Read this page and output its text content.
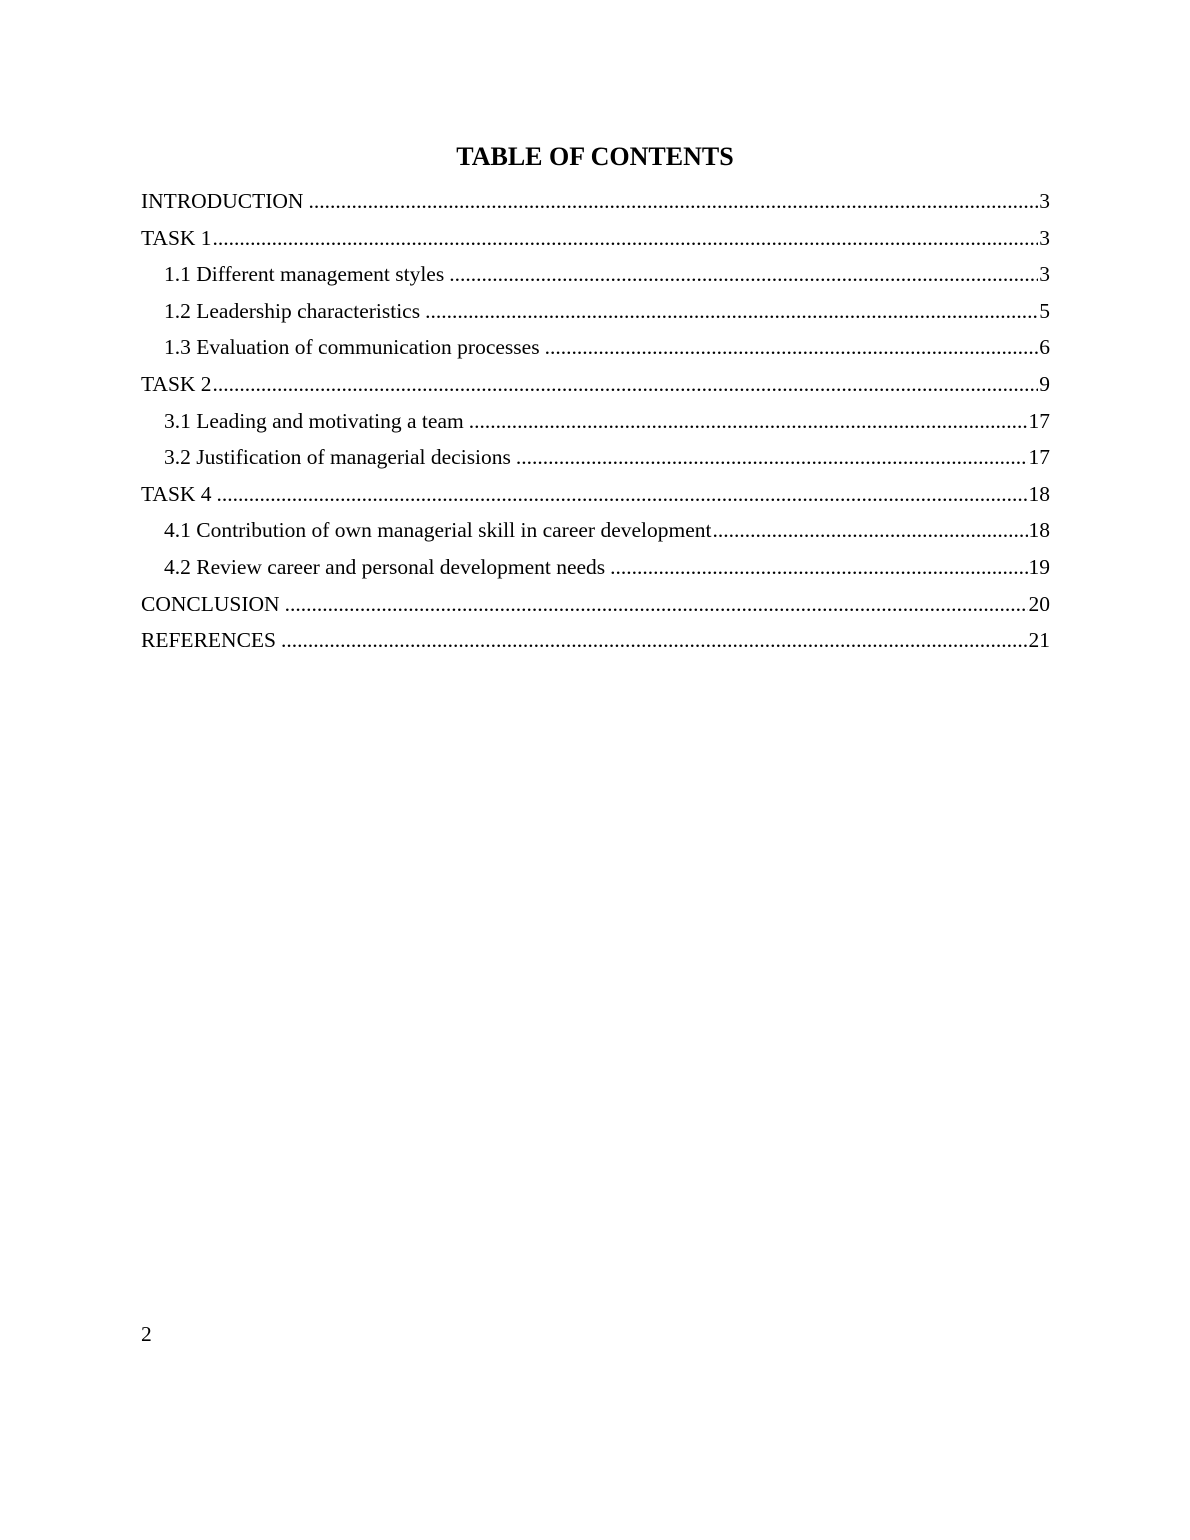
TABLE OF CONTENTS
INTRODUCTION .....	3
TASK 1 .....	3
1.1 Different management styles .....	3
1.2 Leadership characteristics .....	5
1.3 Evaluation of communication processes .....	6
TASK 2 .....	9
3.1 Leading and motivating a team .....	17
3.2 Justification of managerial decisions .....	17
TASK 4 .....	18
4.1 Contribution of own managerial skill in career development .....	18
4.2 Review career and personal development needs .....	19
CONCLUSION .....	20
REFERENCES .....	21
2
